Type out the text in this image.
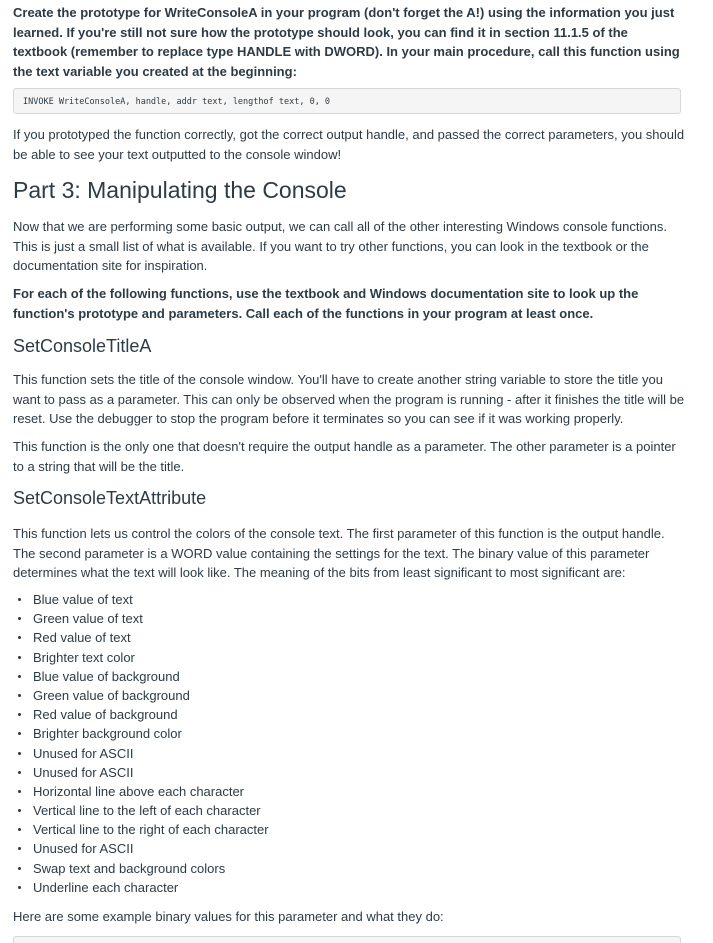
Create the prototype for WriteConsoleA in your program (don't forget the A!) using the information you just learned. If you're still not sure how the prototype should look, you can find it in section 11.1.5 of the textbook (remember to replace type HANDLE with DWORD). In your main procedure, call this function using the text variable you created at the beginning:

INVOKE WriteConsoleA, handle, addr text, lengthof text, 0, 0

If you prototyped the function correctly, got the correct output handle, and passed the correct parameters, you should be able to see your text outputted to the console window!

Part 3: Manipulating the Console

Now that we are performing some basic output, we can call all of the other interesting Windows console functions. This is just a small list of what is available. If you want to try other functions, you can look in the textbook or the documentation site for inspiration.

For each of the following functions, use the textbook and Windows documentation site to look up the function's prototype and parameters. Call each of the functions in your program at least once.

SetConsoleTitleA

This function sets the title of the console window. You'll have to create another string variable to store the title you want to pass as a parameter. This can only be observed when the program is running - after it finishes the title will be reset. Use the debugger to stop the program before it terminates so you can see if it was working properly.

This function is the only one that doesn't require the output handle as a parameter. The other parameter is a pointer to a string that will be the title.

SetConsoleTextAttribute

This function lets us control the colors of the console text. The first parameter of this function is the output handle. The second parameter is a WORD value containing the settings for the text. The binary value of this parameter determines what the text will look like. The meaning of the bits from least significant to most significant are:

Blue value of text
Green value of text
Red value of text
Brighter text color
Blue value of background
Green value of background
Red value of background
Brighter background color
Unused for ASCII
Unused for ASCII
Horizontal line above each character
Vertical line to the left of each character
Vertical line to the right of each character
Unused for ASCII
Swap text and background colors
Underline each character

Here are some example binary values for this parameter and what they do:
